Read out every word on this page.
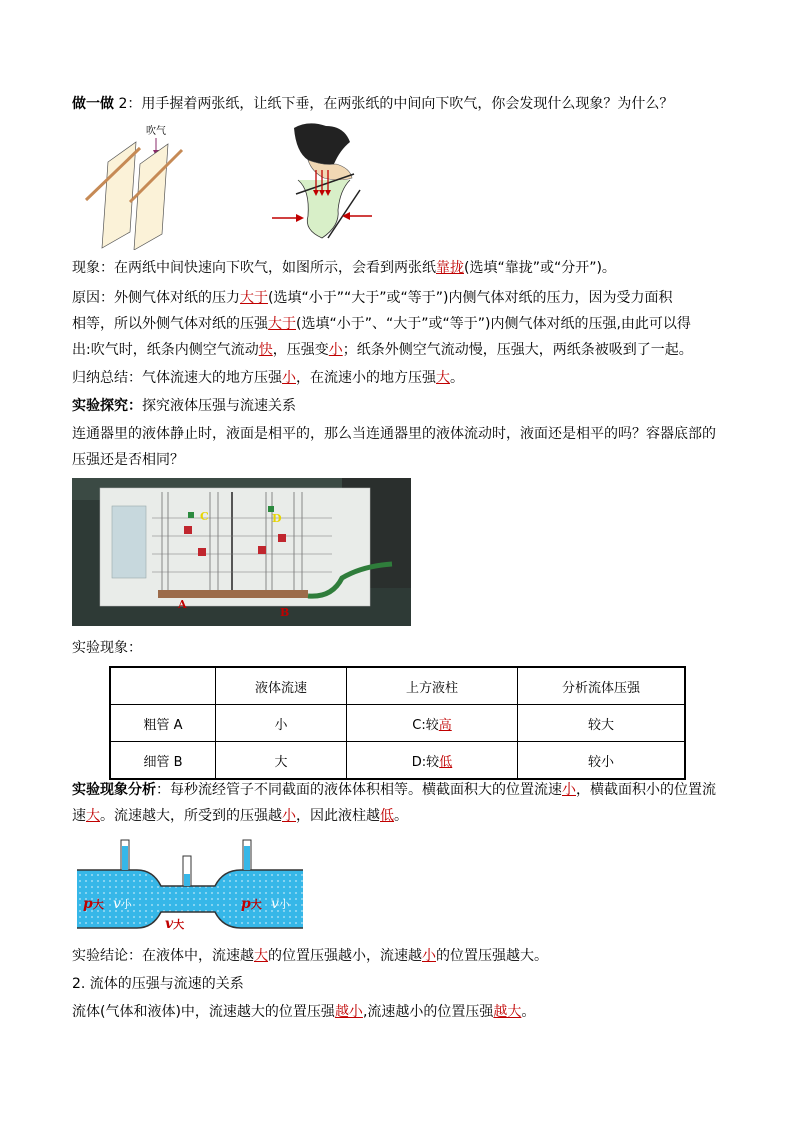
做一做 2：用手握着两张纸，让纸下垂，在两张纸的中间向下吹气，你会发现什么现象？为什么？
吹气
现象：在两纸中间快速向下吹气，如图所示，会看到两张纸靠拢(选填“靠拢”或“分开”)。
原因：外侧气体对纸的压力大于(选填“小于”“大于”或“等于”)内侧气体对纸的压力，因为受力面积
相等，所以外侧气体对纸的压强大于(选填“小于”、“大于”或“等于”)内侧气体对纸的压强,由此可以得
出:吹气时，纸条内侧空气流动快，压强变小；纸条外侧空气流动慢，压强大，两纸条被吸到了一起。
归纳总结：气体流速大的地方压强小，在流速小的地方压强大。
实验探究：探究液体压强与流速关系
连通器里的液体静止时，液面是相平的，那么当连通器里的液体流动时，液面还是相平的吗？容器底部的
压强还是否相同？
C	D
A
B
实验现象：
	液体流速	上方液柱	分析流体压强
粗管 A	小	C:较高	较大
细管 B	大	D:较低	较小
实验现象分析：每秒流经管子不同截面的液体体积相等。横截面积大的位置流速小，横截面积小的位置流
速大。流速越大，所受到的压强越小，因此液柱越低。
p大 v小
v大 p小
p大 v小
实验结论：在液体中，流速越大的位置压强越小，流速越小的位置压强越大。
2. 流体的压强与流速的关系
流体(气体和液体)中，流速越大的位置压强越小,流速越小的位置压强越大。
